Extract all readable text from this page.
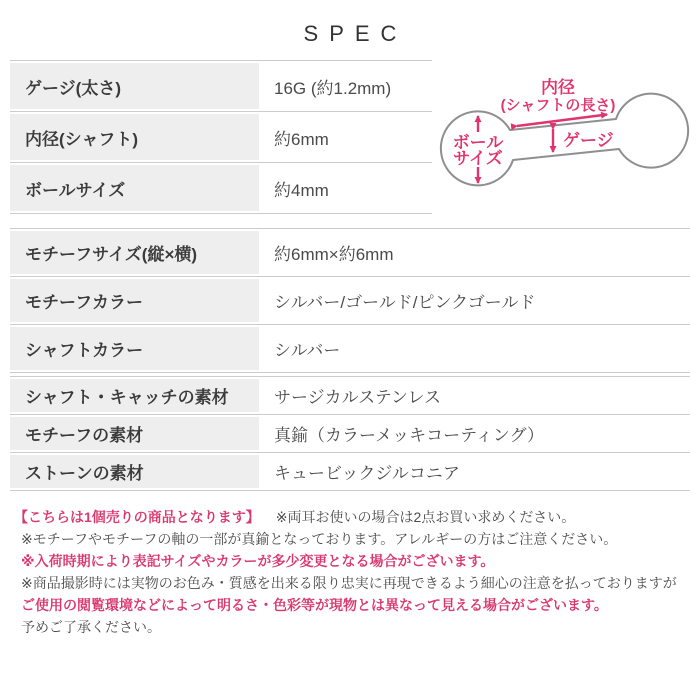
SPEC
ゲージ(太さ)	16G (約1.2mm)
内径(シャフト)	約6mm
ボールサイズ	約4mm
モチーフサイズ(縦×横)	約6mm×約6mm
モチーフカラー	シルバー/ゴールド/ピンクゴールド
シャフトカラー	シルバー
シャフト・キャッチの素材	サージカルステンレス
モチーフの素材	真鍮（カラーメッキコーティング）
ストーンの素材	キュービックジルコニア
内径
(シャフトの長さ)
ゲージ
ボール
サイズ
【こちらは1個売りの商品となります】 ※両耳お使いの場合は2点お買い求めください。
※モチーフやモチーフの軸の一部が真鍮となっております。アレルギーの方はご注意ください。
※入荷時期により表記サイズやカラーが多少変更となる場合がございます。
※商品撮影時には実物のお色み・質感を出来る限り忠実に再現できるよう細心の注意を払っておりますが
ご使用の閲覧環境などによって明るさ・色彩等が現物とは異なって見える場合がございます。
予めご了承ください。
